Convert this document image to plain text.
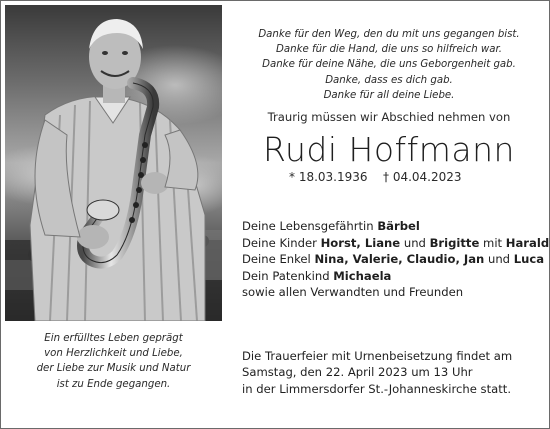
Danke für den Weg, den du mit uns gegangen bist.
Danke für die Hand, die uns so hilfreich war.
Danke für deine Nähe, die uns Geborgenheit gab.
Danke, dass es dich gab.
Danke für all deine Liebe.
Traurig müssen wir Abschied nehmen von
Rudi Hoffmann
* 18.03.1936 † 04.04.2023
Deine Lebensgefährtin Bärbel
Deine Kinder Horst, Liane und Brigitte mit Harald
Deine Enkel Nina, Valerie, Claudio, Jan und Luca
Dein Patenkind Michaela
sowie allen Verwandten und Freunden
Ein erfülltes Leben geprägt
von Herzlichkeit und Liebe,
der Liebe zur Musik und Natur
ist zu Ende gegangen.
Die Trauerfeier mit Urnenbeisetzung findet am
Samstag, den 22. April 2023 um 13 Uhr
in der Limmersdorfer St.-Johanneskirche statt.
